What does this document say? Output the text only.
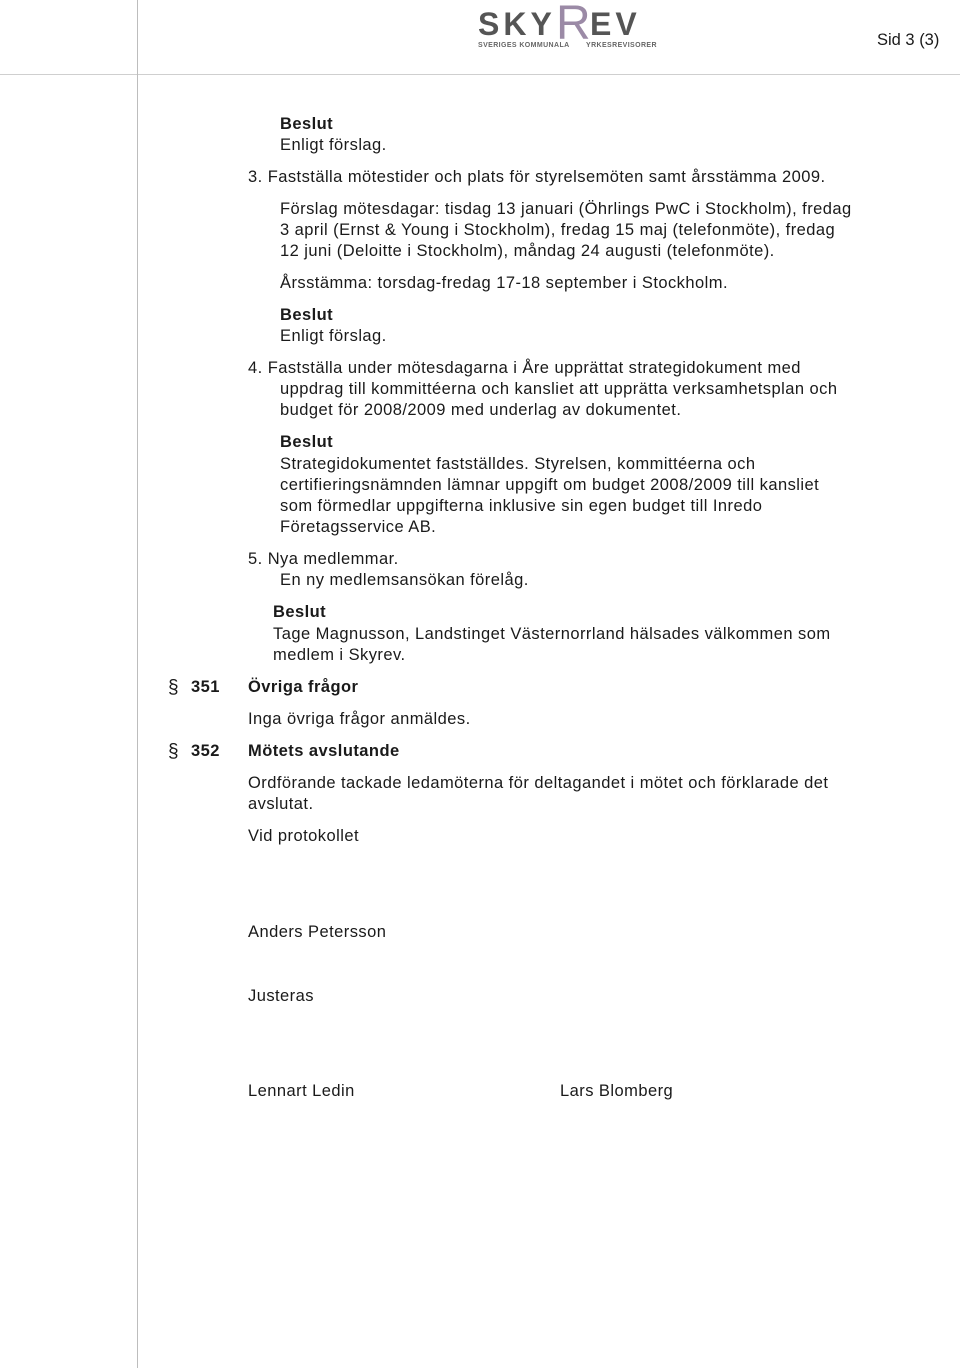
SKY R EV
SVERIGES KOMMUNALA YRKESREVISORER	Sid 3 (3)
Beslut
Enligt förslag.
3. Fastställa mötestider och plats för styrelsemöten samt årsstämma 2009.
Förslag mötesdagar: tisdag 13 januari (Öhrlings PwC i Stockholm), fredag
3 april (Ernst & Young i Stockholm), fredag 15 maj (telefonmöte), fredag
12 juni (Deloitte i Stockholm), måndag 24 augusti (telefonmöte).
Årsstämma: torsdag-fredag 17-18 september i Stockholm.
Beslut
Enligt förslag.
4. Fastställa under mötesdagarna i Åre upprättat strategidokument med
uppdrag till kommittéerna och kansliet att upprätta verksamhetsplan och
budget för 2008/2009 med underlag av dokumentet.
Beslut
Strategidokumentet fastställdes. Styrelsen, kommittéerna och
certifieringsnämnden lämnar uppgift om budget 2008/2009 till kansliet
som förmedlar uppgifterna inklusive sin egen budget till Inredo
Företagsservice AB.
5. Nya medlemmar.
En ny medlemsansökan förelåg.
Beslut
Tage Magnusson, Landstinget Västernorrland hälsades välkommen som
medlem i Skyrev.
§ 351 Övriga frågor
Inga övriga frågor anmäldes.
§ 352 Mötets avslutande
Ordförande tackade ledamöterna för deltagandet i mötet och förklarade det
avslutat.
Vid protokollet
Anders Petersson
Justeras
Lennart Ledin	Lars Blomberg
